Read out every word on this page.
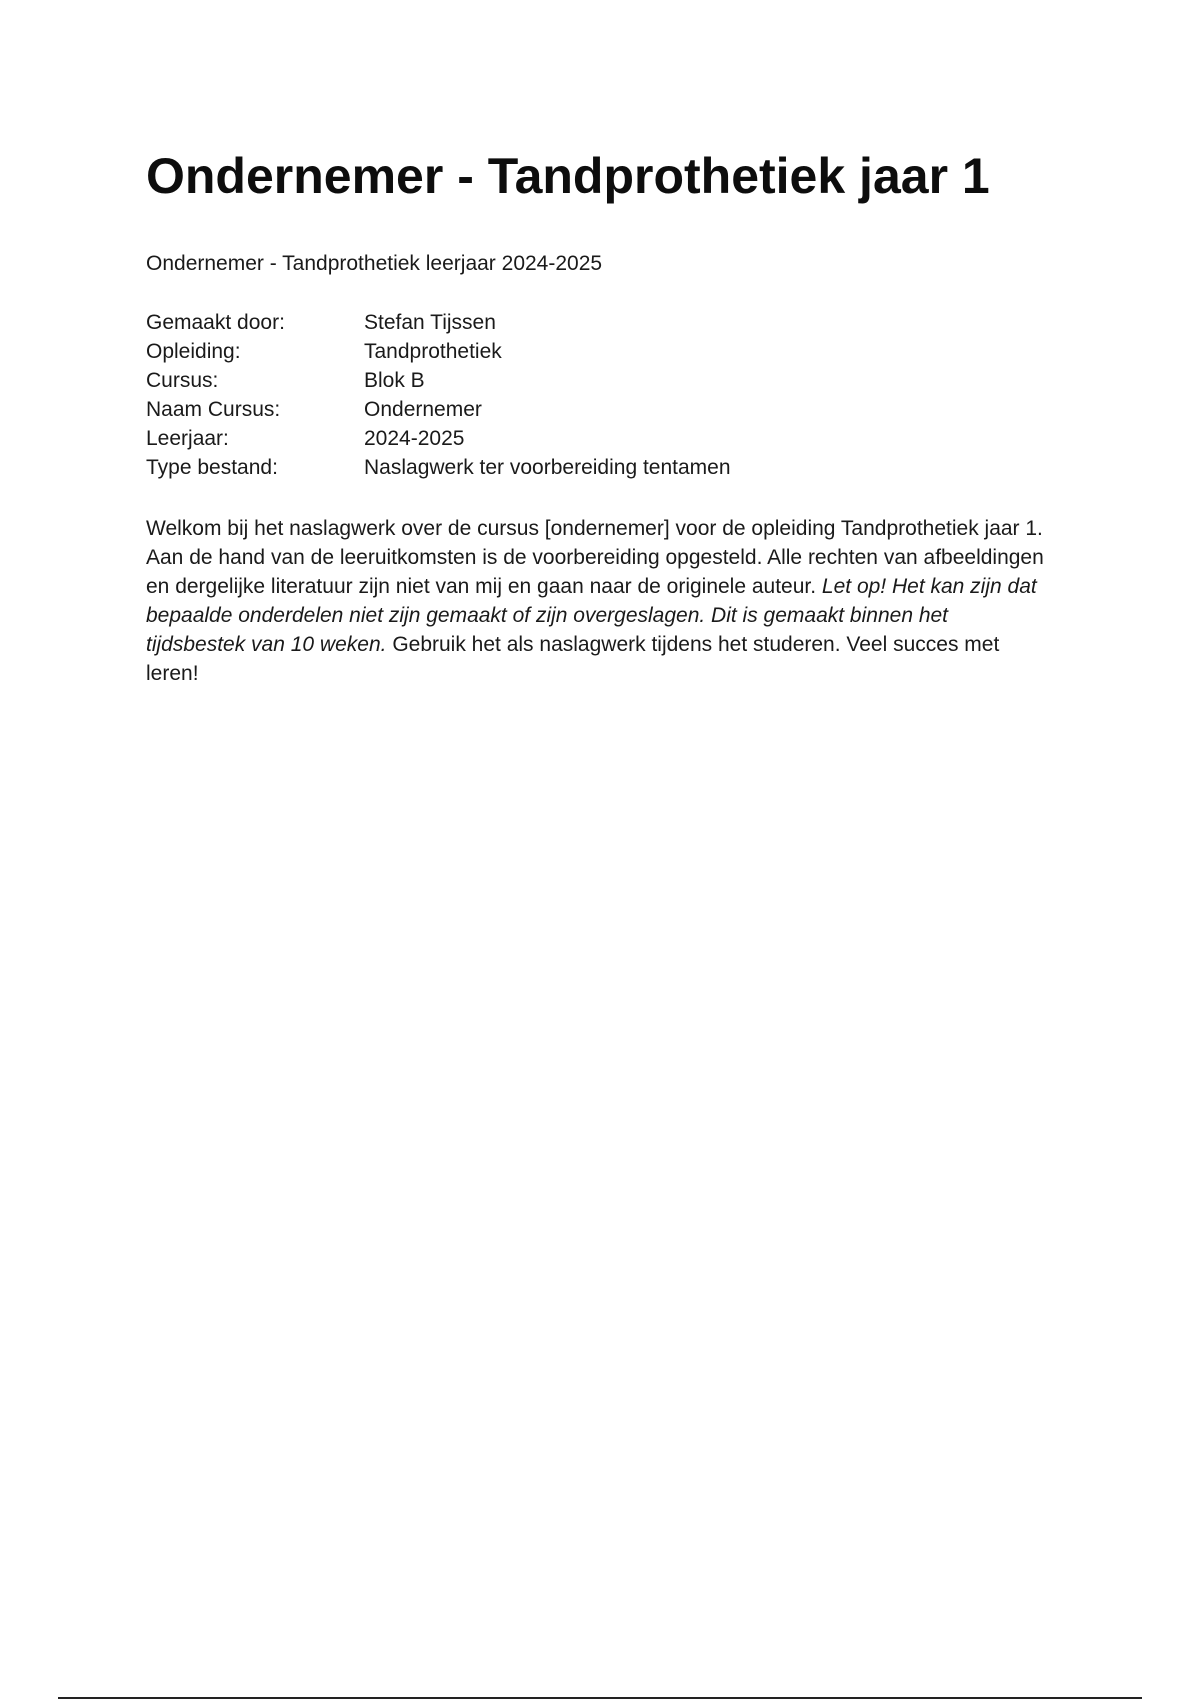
Ondernemer - Tandprothetiek jaar 1
Ondernemer - Tandprothetiek leerjaar 2024-2025
Gemaakt door:	Stefan Tijssen
Opleiding:	Tandprothetiek
Cursus:	Blok B
Naam Cursus:	Ondernemer
Leerjaar:	2024-2025
Type bestand:	Naslagwerk ter voorbereiding tentamen

Welkom bij het naslagwerk over de cursus [ondernemer] voor de opleiding Tandprothetiek jaar 1. Aan de hand van de leeruitkomsten is de voorbereiding opgesteld. Alle rechten van afbeeldingen en dergelijke literatuur zijn niet van mij en gaan naar de originele auteur. Let op! Het kan zijn dat bepaalde onderdelen niet zijn gemaakt of zijn overgeslagen. Dit is gemaakt binnen het tijdsbestek van 10 weken. Gebruik het als naslagwerk tijdens het studeren. Veel succes met leren!
